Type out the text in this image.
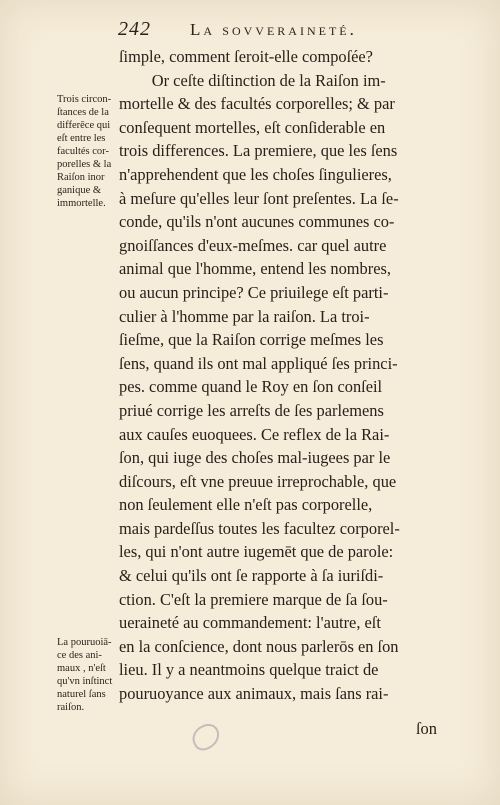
242 La sovveraineté.
Trois circon-
ſtances de la
differēce qui
eſt entre les
facultés cor-
porelles & la
Raiſon inor
ganique &
immortelle.
La pouruoiā-
ce des ani-
maux , n'eſt
qu'vn inſtinct
naturel ſans
raiſon.
ſimple, comment ſeroit-elle compoſée?
Or ceſte diſtinction de la Raiſon im-
mortelle & des facultés corporelles; & par
conſequent mortelles, eſt conſiderable en
trois differences. La premiere, que les ſens
n'apprehendent que les choſes ſingulieres,
à meſure qu'elles leur ſont preſentes. La ſe-
conde, qu'ils n'ont aucunes communes co-
gnoiſſances d'eux-meſmes. car quel autre
animal que l'homme, entend les nombres,
ou aucun principe? Ce priuilege eſt parti-
culier à l'homme par la raiſon. La troi-
ſieſme, que la Raiſon corrige meſmes les
ſens, quand ils ont mal appliqué ſes princi-
pes. comme quand le Roy en ſon conſeil
priué corrige les arreſts de ſes parlemens
aux cauſes euoquees. Ce reflex de la Rai-
ſon, qui iuge des choſes mal-iugees par le
diſcours, eſt vne preuue irreprochable, que
non ſeulement elle n'eſt pas corporelle,
mais pardeſſus toutes les facultez corporel-
les, qui n'ont autre iugemēt que de parole:
& celui qu'ils ont ſe rapporte à ſa iuriſdi-
ction. C'eſt la premiere marque de ſa ſou-
ueraineté au commandement: l'autre, eſt
en la conſcience, dont nous parlerōs en ſon
lieu. Il y a neantmoins quelque traict de
pouruoyance aux animaux, mais ſans rai-
ſon
